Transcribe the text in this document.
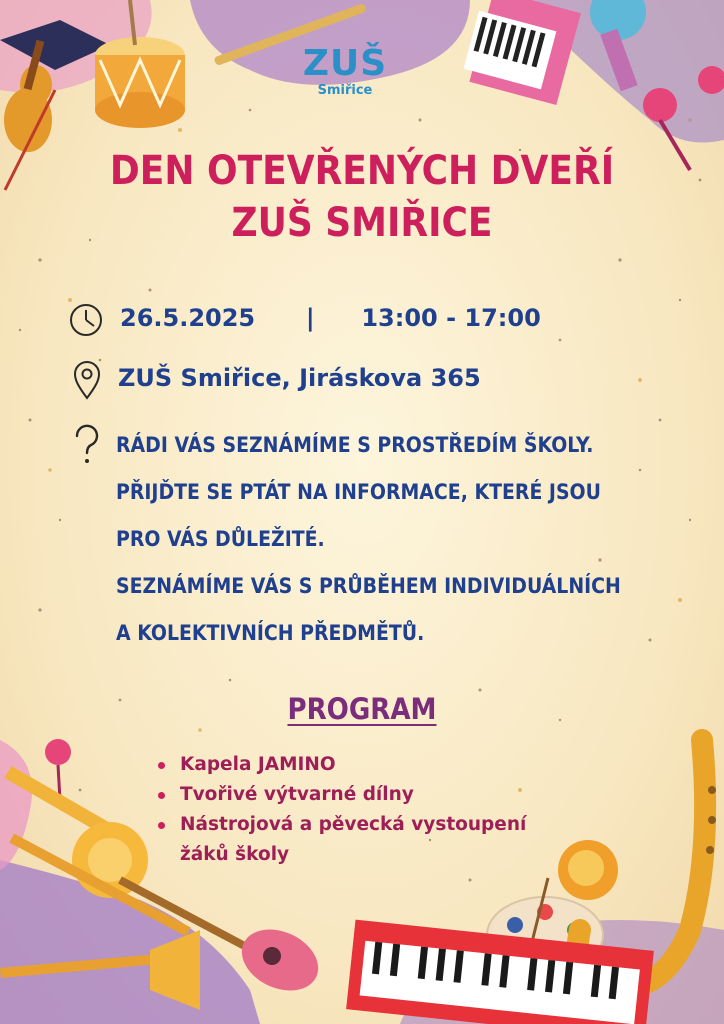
ZUŠ
Smiřice
DEN OTEVŘENÝCH DVEŘÍ
ZUŠ SMIŘICE
26.5.2025 | 13:00 - 17:00
ZUŠ Smiřice, Jiráskova 365
RÁDI VÁS SEZNÁMÍME S PROSTŘEDÍM ŠKOLY.
PŘIJĎTE SE PTÁT NA INFORMACE, KTERÉ JSOU
PRO VÁS DŮLEŽITÉ.
SEZNÁMÍME VÁS S PRŮBĚHEM INDIVIDUÁLNÍCH
A KOLEKTIVNÍCH PŘEDMĚTŮ.
PROGRAM
Kapela JAMINO
Tvořivé výtvarné dílny
Nástrojová a pěvecká vystoupení
žáků školy
